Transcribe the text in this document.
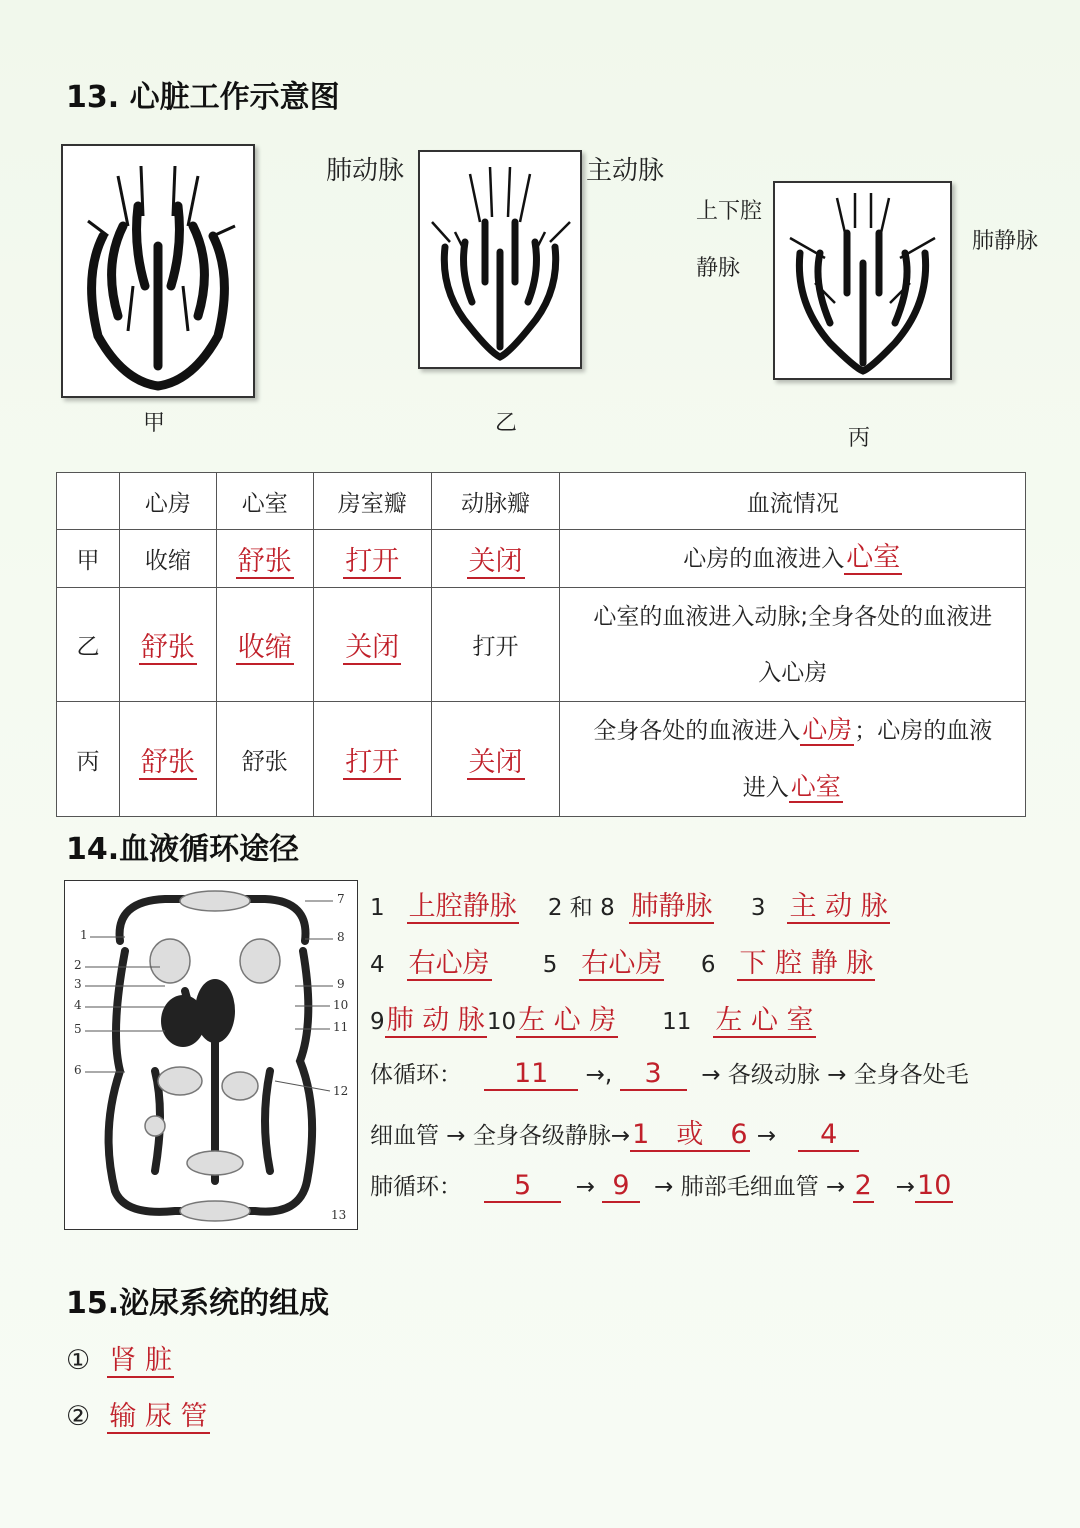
13. 心脏工作示意图
甲
肺动脉	主动脉
乙
上下腔
静脉
肺静脉
丙
	心房	心室	房室瓣	动脉瓣	血流情况
甲	收缩	舒张	打开	关闭	心房的血液进入心室
乙	舒张	收缩	关闭	打开	心室的血液进入动脉;全身各处的血液进
入心房

丙	舒张	舒张	打开	关闭	全身各处的血液进入心房；心房的血液
进入心室
14.血液循环途径
7
1	8
2
3	9
4	10
5	11
6
12
13
1 上腔静脉 2 和 8 肺静脉 3 主 动 脉
4 右心房 5 右心房 6 下 腔 静 脉
9肺 动 脉10左 心 房 11 左 心 室
体循环： 11 →, 3 → 各级动脉 → 全身各处毛
细血管 → 全身各级静脉→1　或　6 → 4
肺循环： 5 → 9 → 肺部毛细血管 → 2 →10
15.泌尿系统的组成
① 肾 脏
② 输 尿 管
